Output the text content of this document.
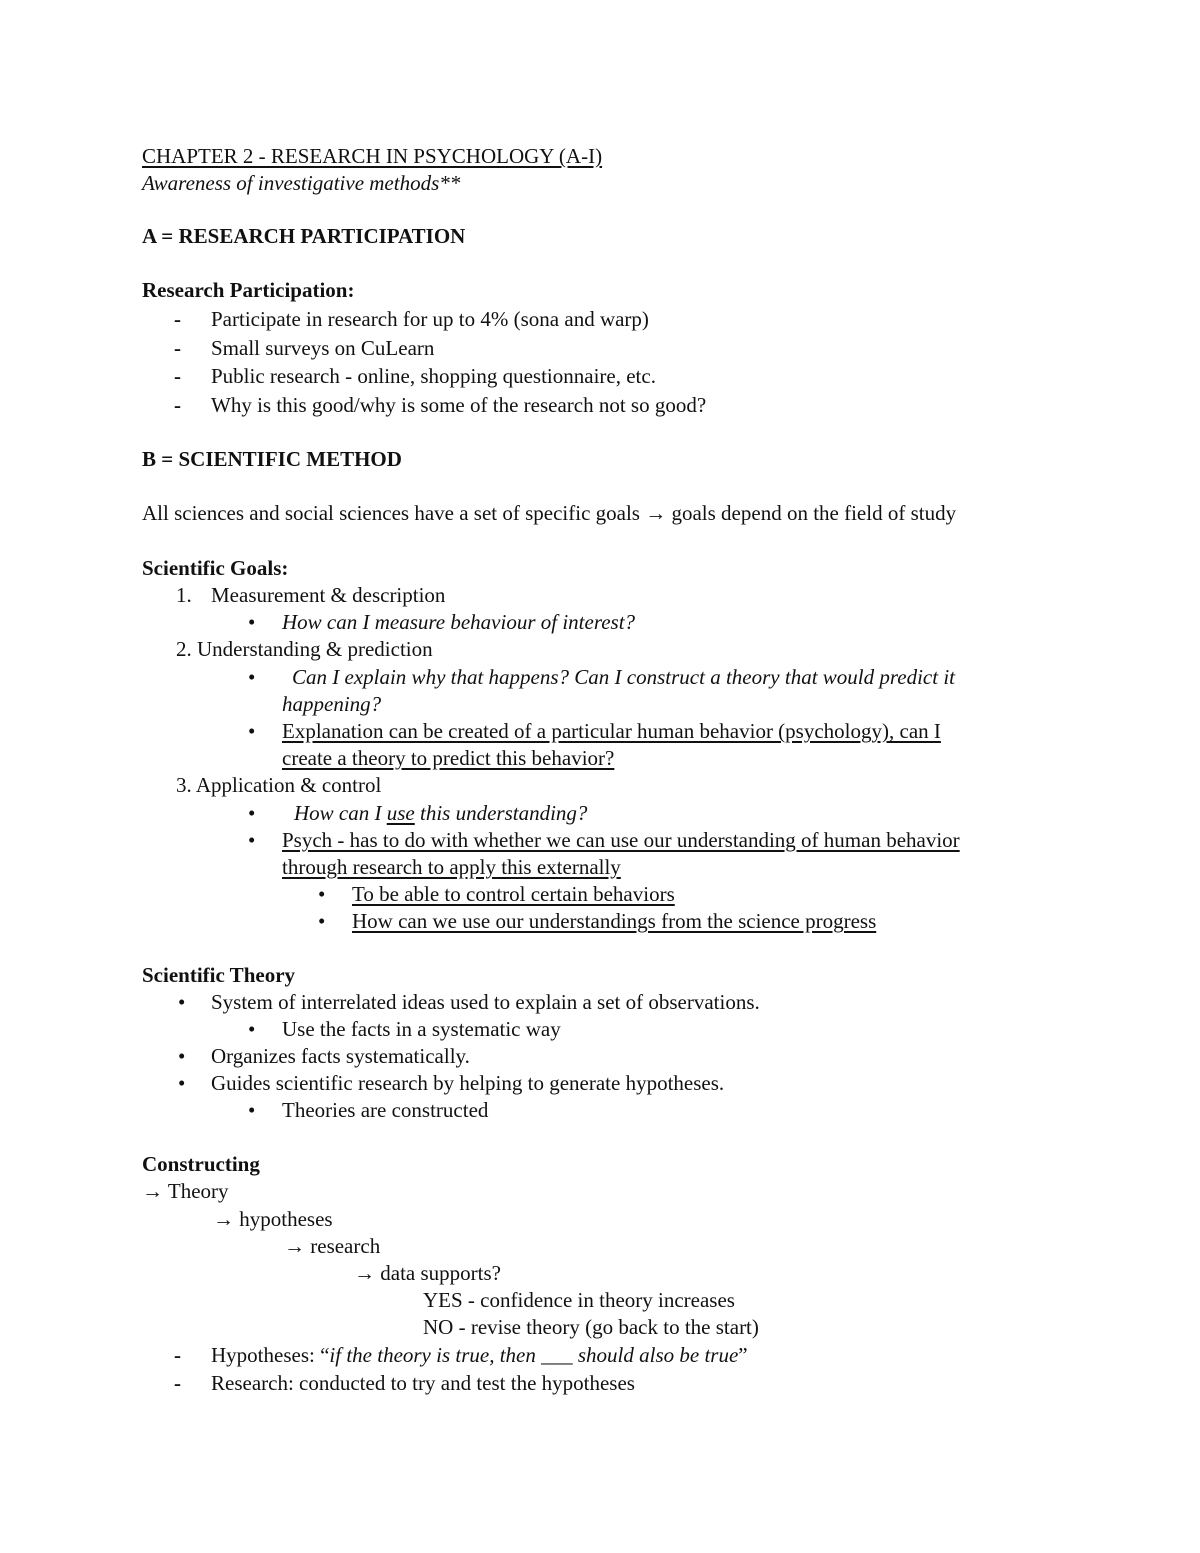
CHAPTER 2 - RESEARCH IN PSYCHOLOGY (A-I)
Awareness of investigative methods**
A = RESEARCH PARTICIPATION
Research Participation:
- Participate in research for up to 4% (sona and warp)
- Small surveys on CuLearn
- Public research - online, shopping questionnaire, etc.
- Why is this good/why is some of the research not so good?
B = SCIENTIFIC METHOD
All sciences and social sciences have a set of specific goals → goals depend on the field of study
Scientific Goals:
1. Measurement & description
• How can I measure behaviour of interest?
2. Understanding & prediction
• Can I explain why that happens? Can I construct a theory that would predict it
happening?
• Explanation can be created of a particular human behavior (psychology), can I
create a theory to predict this behavior?
3. Application & control
• How can I use this understanding?
• Psych - has to do with whether we can use our understanding of human behavior
through research to apply this externally
• To be able to control certain behaviors
• How can we use our understandings from the science progress
Scientific Theory
• System of interrelated ideas used to explain a set of observations.
• Use the facts in a systematic way
• Organizes facts systematically.
• Guides scientific research by helping to generate hypotheses.
• Theories are constructed
Constructing
→ Theory
→ hypotheses
→ research
→ data supports?
YES - confidence in theory increases
NO - revise theory (go back to the start)
- Hypotheses: “if the theory is true, then ___ should also be true”
- Research: conducted to try and test the hypotheses
